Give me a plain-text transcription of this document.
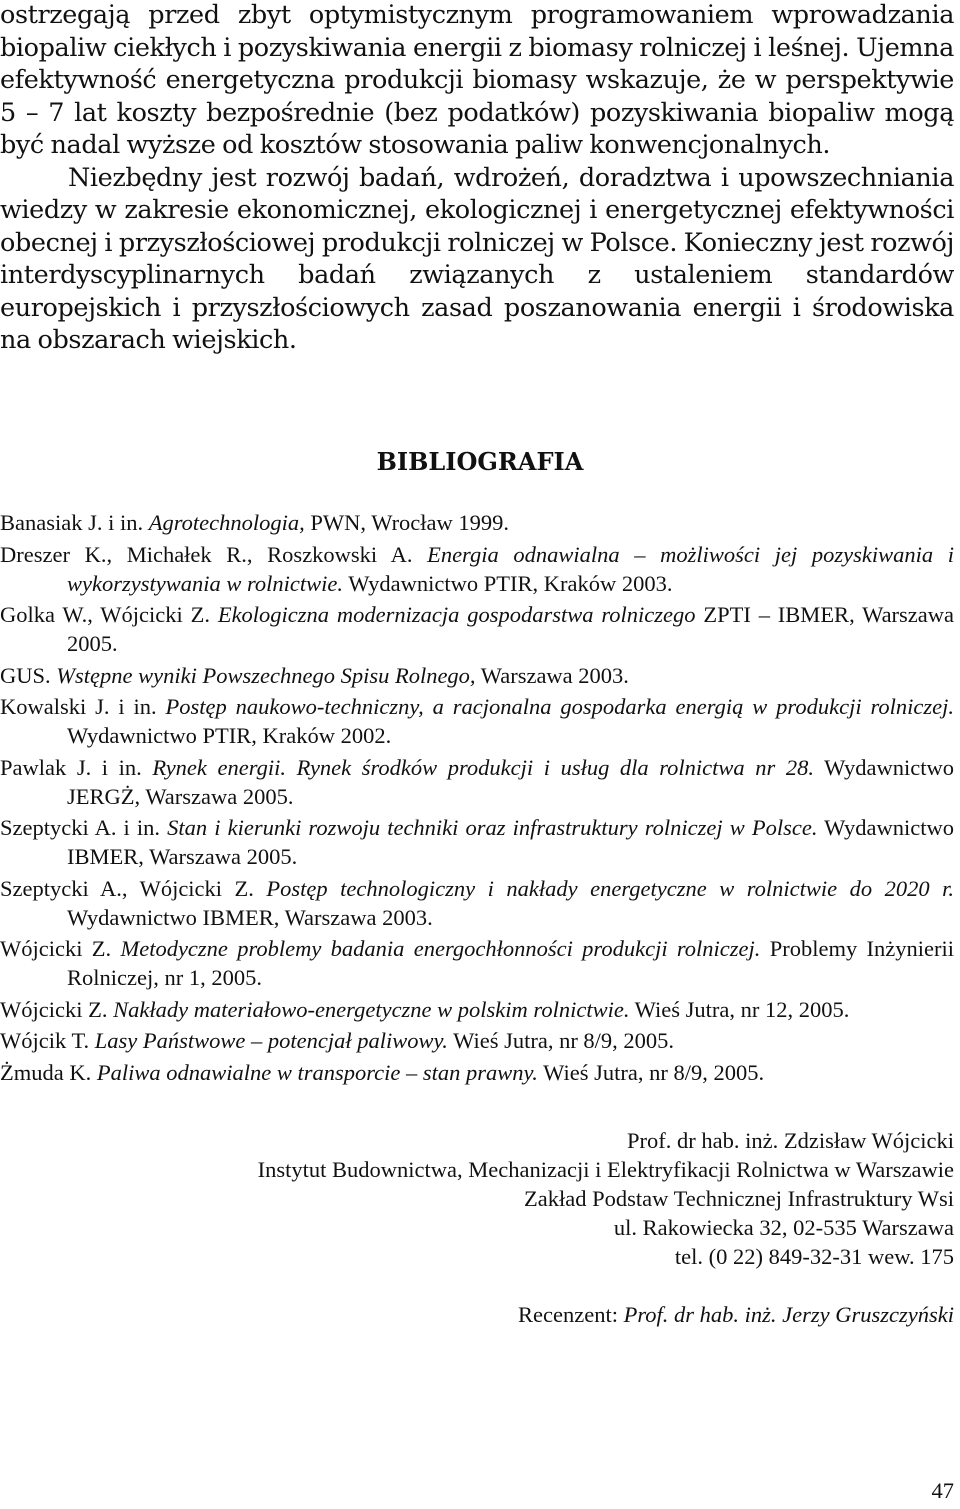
ostrzegają przed zbyt optymistycznym programowaniem wprowadzania biopaliw ciekłych i pozyskiwania energii z biomasy rolniczej i leśnej. Ujemna efektywność energetyczna produkcji biomasy wskazuje, że w perspektywie 5 – 7 lat koszty bezpośrednie (bez podatków) pozyskiwania biopaliw mogą być nadal wyższe od kosztów stosowania paliw konwencjonalnych.

Niezbędny jest rozwój badań, wdrożeń, doradztwa i upowszechniania wiedzy w zakresie ekonomicznej, ekologicznej i energetycznej efektywności obecnej i przyszłościowej produkcji rolniczej w Polsce. Konieczny jest rozwój interdyscyplinarnych badań związanych z ustaleniem standardów europejskich i przyszłościowych zasad poszanowania energii i środowiska na obszarach wiejskich.

BIBLIOGRAFIA

Banasiak J. i in. Agrotechnologia, PWN, Wrocław 1999.

Dreszer K., Michałek R., Roszkowski A. Energia odnawialna – możliwości jej pozyskiwania i wykorzystywania w rolnictwie. Wydawnictwo PTIR, Kraków 2003.

Golka W., Wójcicki Z. Ekologiczna modernizacja gospodarstwa rolniczego ZPTI – IBMER, Warszawa 2005.

GUS. Wstępne wyniki Powszechnego Spisu Rolnego, Warszawa 2003.

Kowalski J. i in. Postęp naukowo-techniczny, a racjonalna gospodarka energią w produkcji rolniczej. Wydawnictwo PTIR, Kraków 2002.

Pawlak J. i in. Rynek energii. Rynek środków produkcji i usług dla rolnictwa nr 28. Wydawnictwo JERGŻ, Warszawa 2005.

Szeptycki A. i in. Stan i kierunki rozwoju techniki oraz infrastruktury rolniczej w Polsce. Wydawnictwo IBMER, Warszawa 2005.

Szeptycki A., Wójcicki Z. Postęp technologiczny i nakłady energetyczne w rolnictwie do 2020 r. Wydawnictwo IBMER, Warszawa 2003.

Wójcicki Z. Metodyczne problemy badania energochłonności produkcji rolniczej. Problemy Inżynierii Rolniczej, nr 1, 2005.

Wójcicki Z. Nakłady materiałowo-energetyczne w polskim rolnictwie. Wieś Jutra, nr 12, 2005.

Wójcik T. Lasy Państwowe – potencjał paliwowy. Wieś Jutra, nr 8/9, 2005.

Żmuda K. Paliwa odnawialne w transporcie – stan prawny. Wieś Jutra, nr 8/9, 2005.

Prof. dr hab. inż. Zdzisław Wójcicki
Instytut Budownictwa, Mechanizacji i Elektryfikacji Rolnictwa w Warszawie
Zakład Podstaw Technicznej Infrastruktury Wsi
ul. Rakowiecka 32, 02-535 Warszawa
tel. (0 22) 849-32-31 wew. 175
Recenzent: Prof. dr hab. inż. Jerzy Gruszczyński
47
